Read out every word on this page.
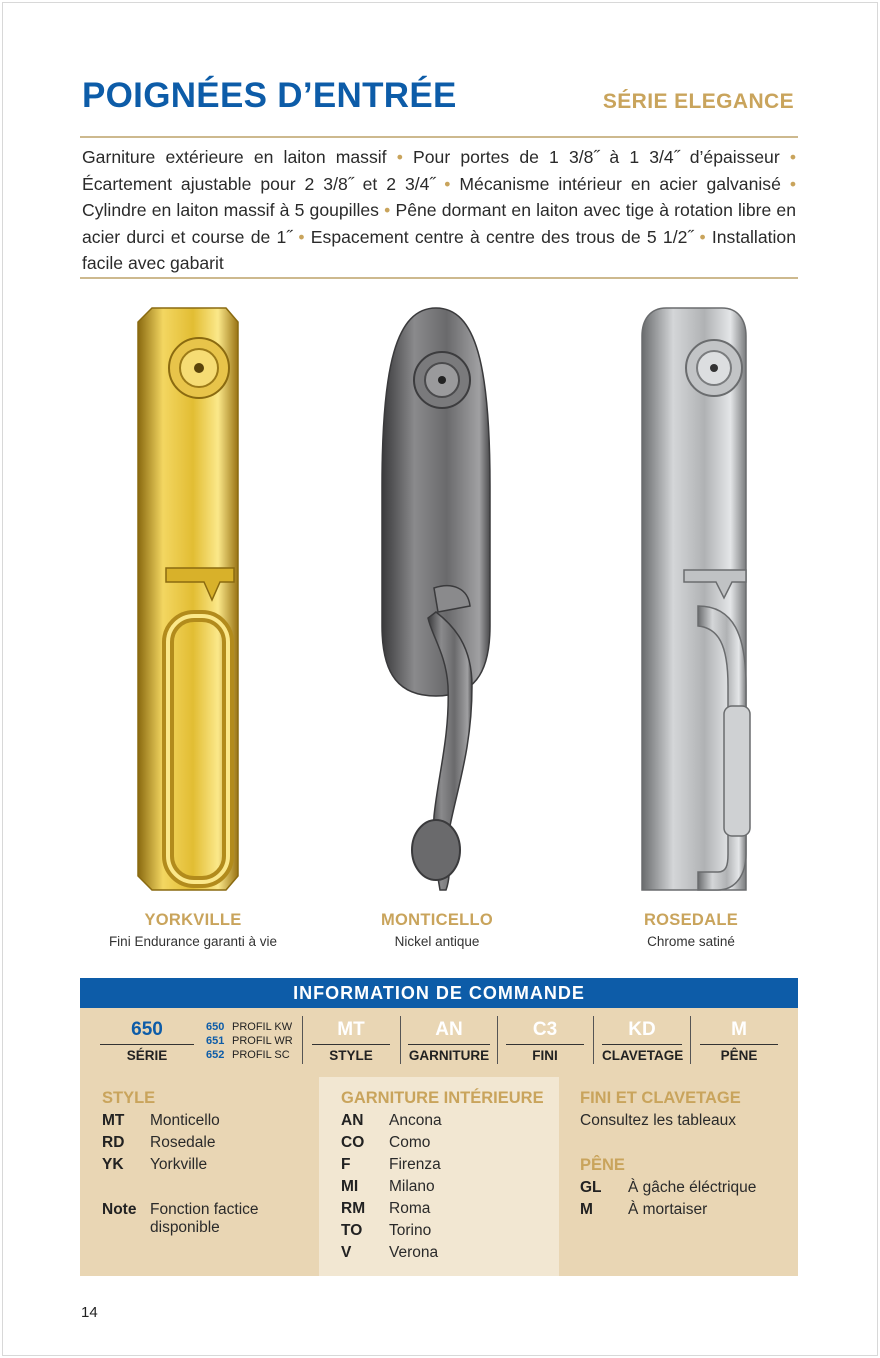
POIGNÉES D’ENTRÉE	SÉRIE ELEGANCE
Garniture extérieure en laiton massif • Pour portes de 1 3/8˝ à 1 3/4˝ d’épaisseur • Écartement ajustable pour 2 3/8˝ et 2 3/4˝ • Mécanisme intérieur en acier galvanisé • Cylindre en laiton massif à 5 goupilles • Pêne dormant en laiton avec tige à rotation libre en acier durci et course de 1˝ • Espacement centre à centre des trous de 5 1/2˝ • Installation facile avec gabarit
YORKVILLE
Fini Endurance garanti à vie
MONTICELLO
Nickel antique
ROSEDALE
Chrome satiné
INFORMATION DE COMMANDE
650
SÉRIE
650 PROFIL KW
651 PROFIL WR
652 PROFIL SC
MT
STYLE
AN
GARNITURE
C3
FINI
KD
CLAVETAGE
M
PÊNE
STYLE
MT Monticello
RD Rosedale
YK Yorkville
Note Fonction factice disponible
GARNITURE INTÉRIEURE
AN Ancona
CO Como
F Firenza
MI Milano
RM Roma
TO Torino
V Verona
FINI ET CLAVETAGE
Consultez les tableaux
PÊNE
GL À gâche éléctrique
M À mortaiser
14
